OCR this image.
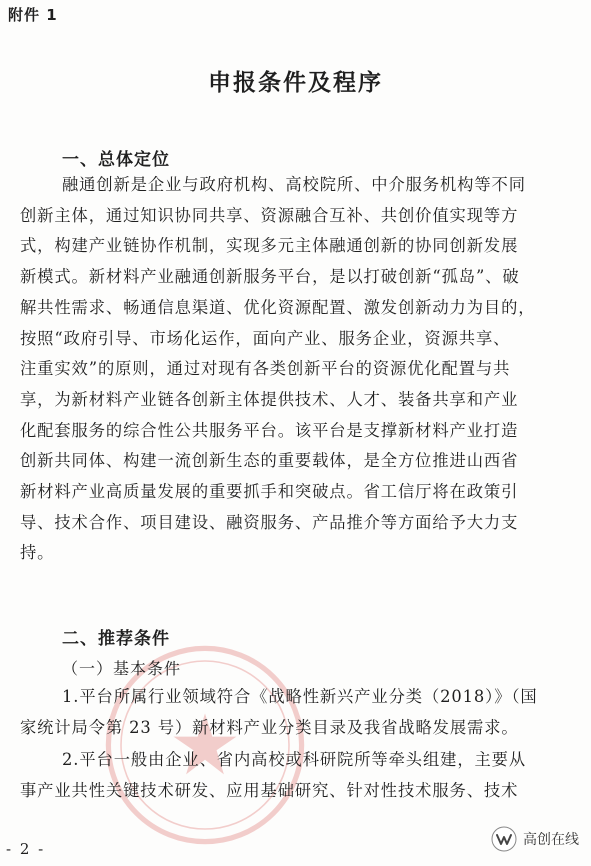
附件 1
申报条件及程序
一、总体定位
融通创新是企业与政府机构、高校院所、中介服务机构等不同
创新主体，通过知识协同共享、资源融合互补、共创价值实现等方
式，构建产业链协作机制，实现多元主体融通创新的协同创新发展
新模式。新材料产业融通创新服务平台，是以打破创新“孤岛”、破
解共性需求、畅通信息渠道、优化资源配置、激发创新动力为目的，
按照“政府引导、市场化运作，面向产业、服务企业，资源共享、
注重实效”的原则，通过对现有各类创新平台的资源优化配置与共
享，为新材料产业链各创新主体提供技术、人才、装备共享和产业
化配套服务的综合性公共服务平台。该平台是支撑新材料产业打造
创新共同体、构建一流创新生态的重要载体，是全方位推进山西省
新材料产业高质量发展的重要抓手和突破点。省工信厅将在政策引
导、技术合作、项目建设、融资服务、产品推介等方面给予大力支
持。
二、推荐条件
（一）基本条件
1.平台所属行业领域符合《战略性新兴产业分类（2018）》（国
家统计局令第 23 号）新材料产业分类目录及我省战略发展需求。
2.平台一般由企业、省内高校或科研院所等牵头组建，主要从
事产业共性关键技术研发、应用基础研究、针对性技术服务、技术
- 2 -	高创在线
